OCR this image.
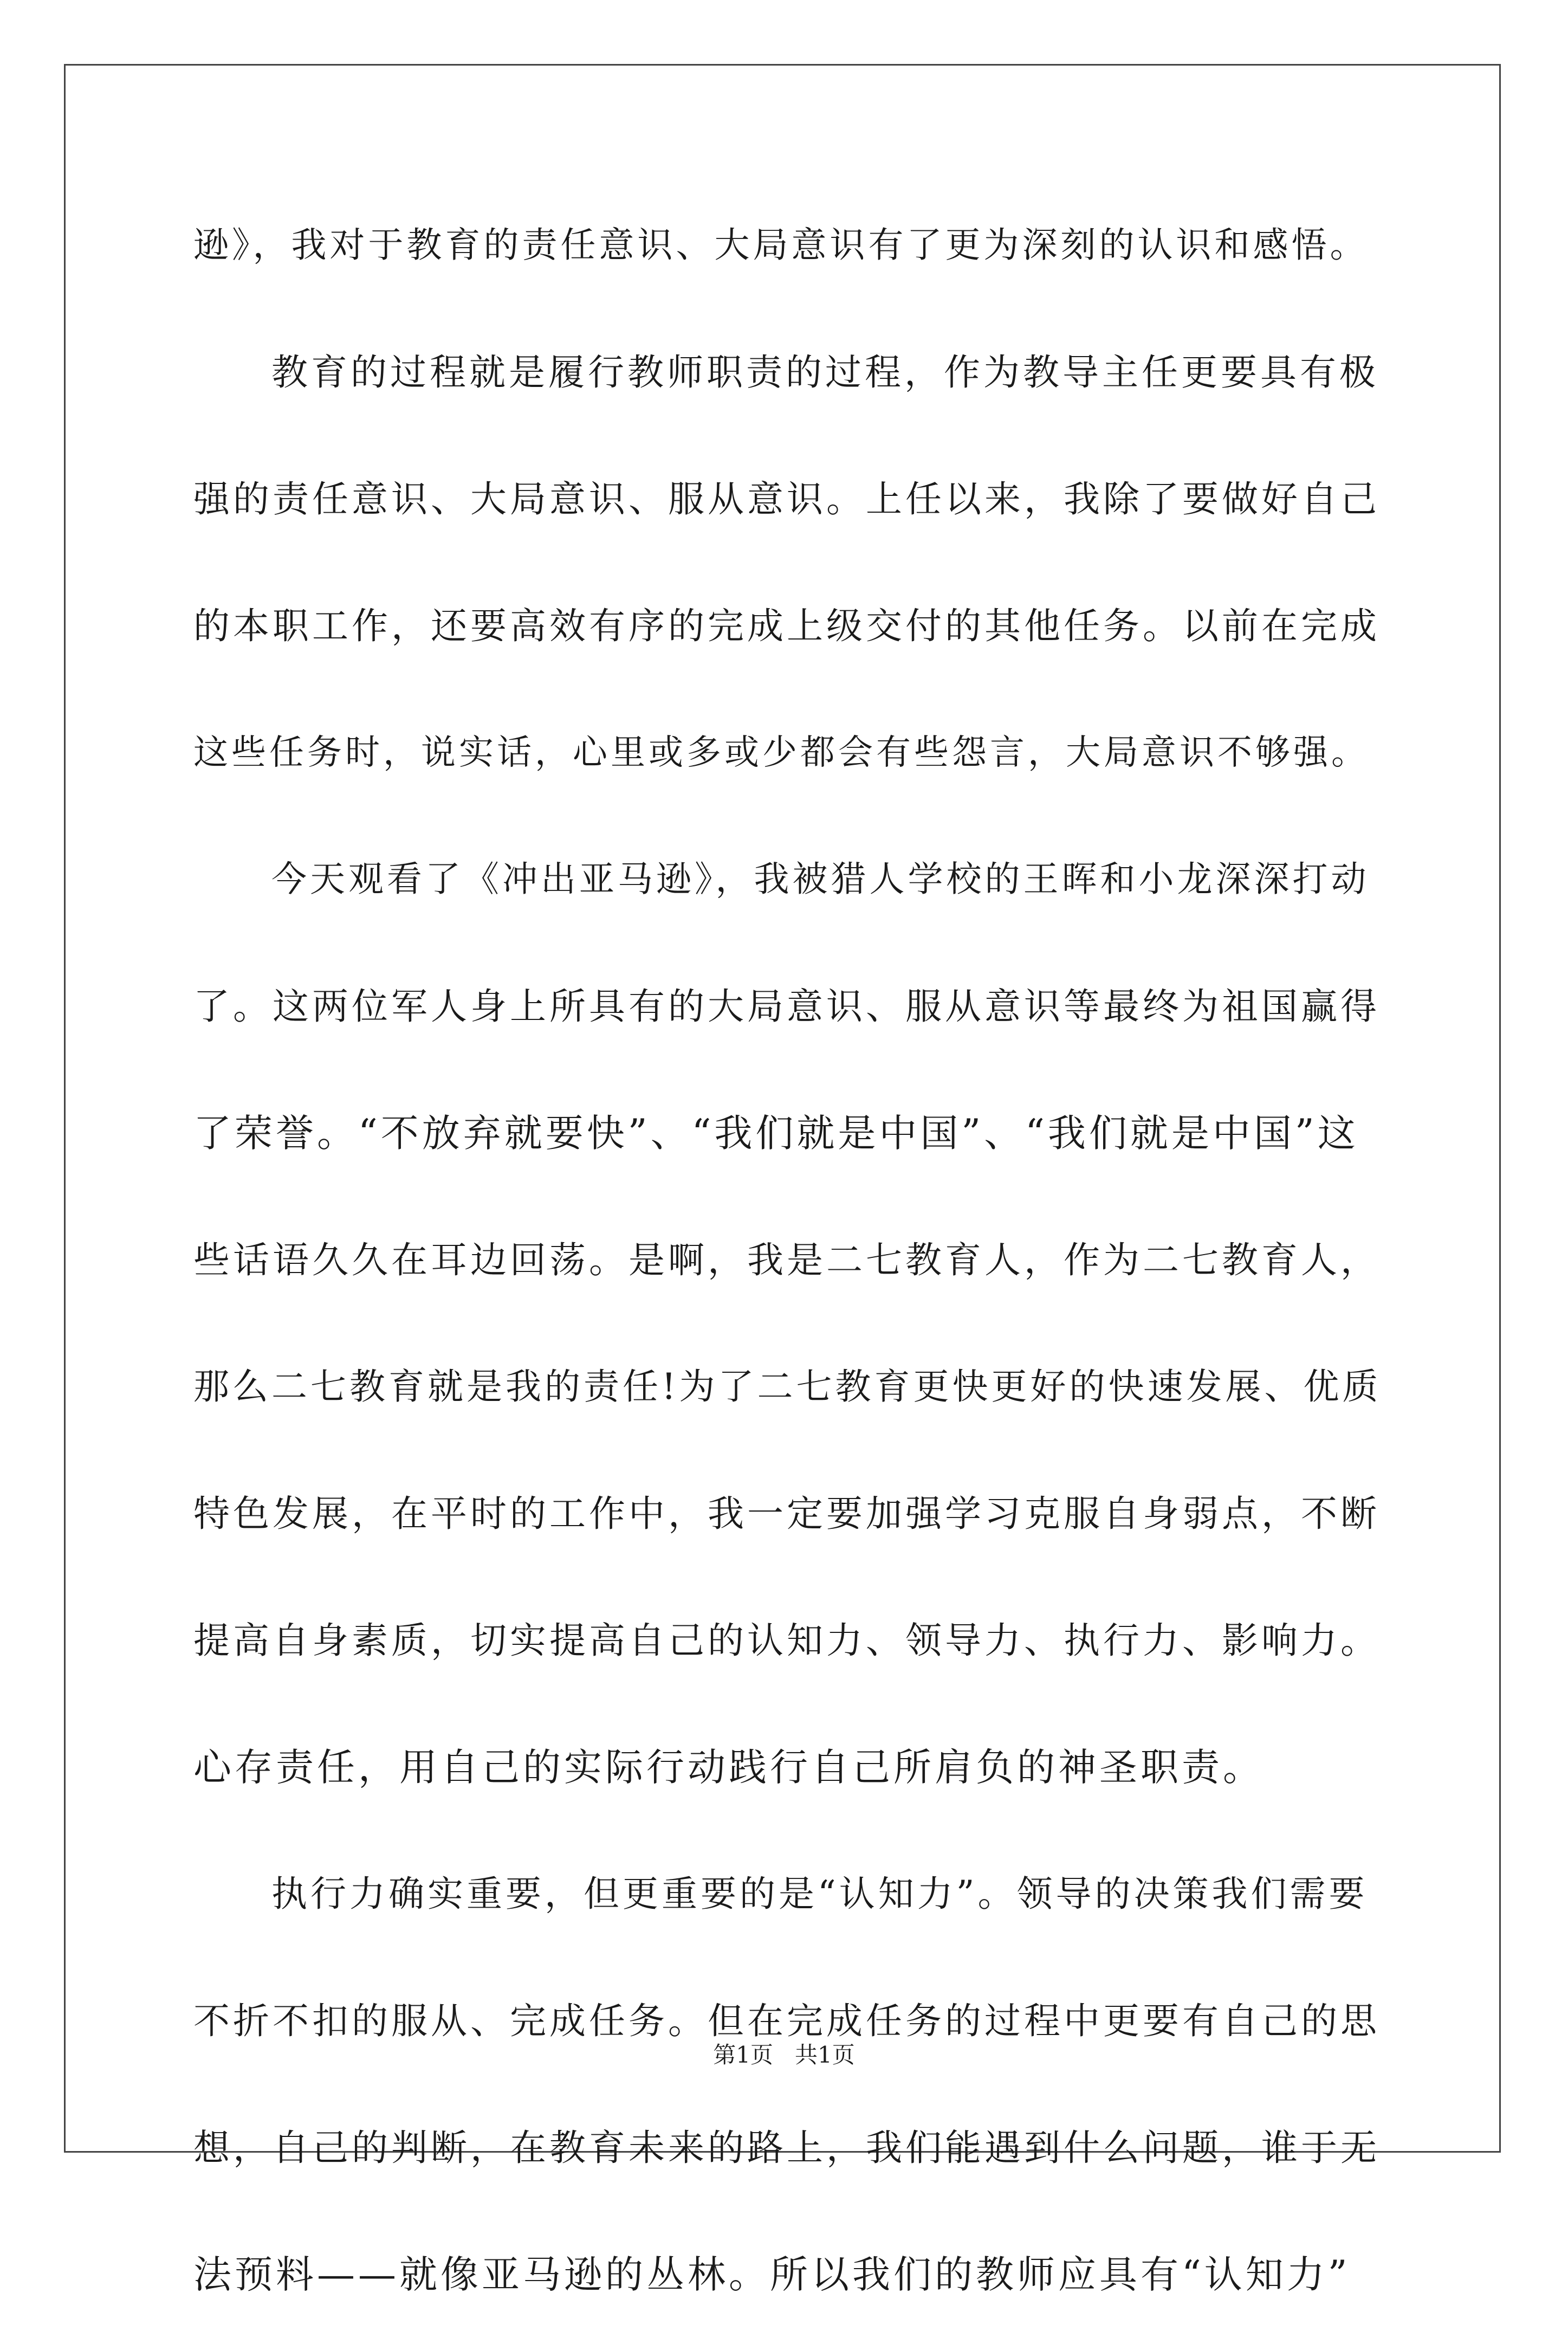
逊》，我对于教育的责任意识、大局意识有了更为深刻的认识和感悟。
教育的过程就是履行教师职责的过程，作为教导主任更要具有极
强的责任意识、大局意识、服从意识。上任以来，我除了要做好自己
的本职工作，还要高效有序的完成上级交付的其他任务。以前在完成
这些任务时，说实话，心里或多或少都会有些怨言，大局意识不够强。
今天观看了《冲出亚马逊》，我被猎人学校的王晖和小龙深深打动
了。这两位军人身上所具有的大局意识、服从意识等最终为祖国赢得
了荣誉。“不放弃就要快”、“我们就是中国”、“我们就是中国”这
些话语久久在耳边回荡。是啊，我是二七教育人，作为二七教育人，
那么二七教育就是我的责任!为了二七教育更快更好的快速发展、优质
特色发展，在平时的工作中，我一定要加强学习克服自身弱点，不断
提高自身素质，切实提高自己的认知力、领导力、执行力、影响力。
心存责任，用自己的实际行动践行自己所肩负的神圣职责。
执行力确实重要，但更重要的是“认知力”。领导的决策我们需要
不折不扣的服从、完成任务。但在完成任务的过程中更要有自己的思
想，自己的判断，在教育未来的路上，我们能遇到什么问题，谁于无
法预料——就像亚马逊的丛林。所以我们的教师应具有“认知力”
第1页   共1页
